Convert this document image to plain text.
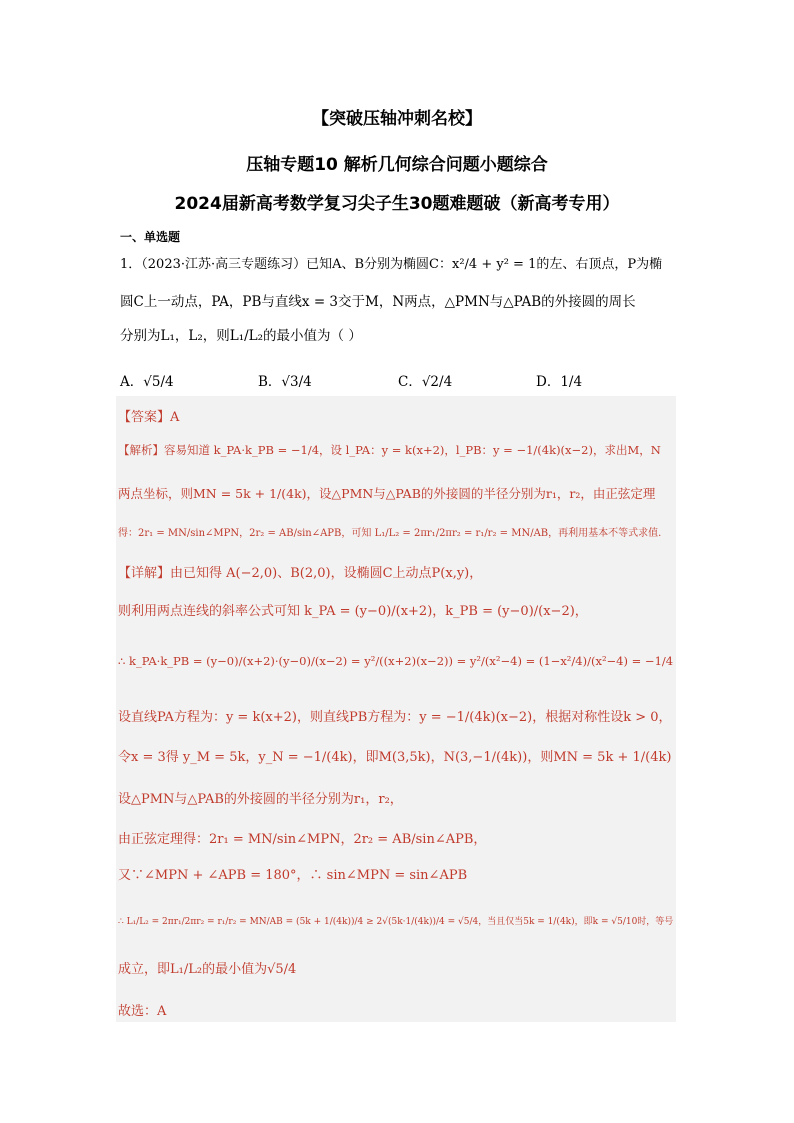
【突破压轴冲刺名校】
压轴专题10 解析几何综合问题小题综合
2024届新高考数学复习尖子生30题难题破（新高考专用）
一、单选题
1．（2023·江苏·高三专题练习）已知A、B分别为椭圆C：x²/4 + y² = 1的左、右顶点，P为椭
圆C上一动点，PA，PB与直线x = 3交于M，N两点，△PMN与△PAB的外接圆的周长
分别为L₁，L₂，则L₁/L₂的最小值为（ ）
A．√5/4	B．√3/4	C．√2/4	D．1/4
【答案】A
【解析】容易知道 k_PA·k_PB = −1/4，设 l_PA：y = k(x+2)，l_PB：y = −1/(4k)(x−2)，求出M，N
两点坐标，则MN = 5k + 1/(4k)，设△PMN与△PAB的外接圆的半径分别为r₁，r₂，由正弦定理
得：2r₁ = MN/sin∠MPN，2r₂ = AB/sin∠APB，可知 L₁/L₂ = 2πr₁/2πr₂ = r₁/r₂ = MN/AB，再利用基本不等式求值.
【详解】由已知得 A(−2,0)、B(2,0)，设椭圆C上动点P(x,y)，
则利用两点连线的斜率公式可知 k_PA = (y−0)/(x+2)，k_PB = (y−0)/(x−2)，
∴ k_PA·k_PB = (y−0)/(x+2)·(y−0)/(x−2) = y²/((x+2)(x−2)) = y²/(x²−4) = (1−x²/4)/(x²−4) = −1/4
设直线PA方程为：y = k(x+2)，则直线PB方程为：y = −1/(4k)(x−2)，根据对称性设k > 0，
令x = 3得 y_M = 5k，y_N = −1/(4k)，即M(3,5k)，N(3,−1/(4k))，则MN = 5k + 1/(4k)
设△PMN与△PAB的外接圆的半径分别为r₁，r₂，
由正弦定理得：2r₁ = MN/sin∠MPN，2r₂ = AB/sin∠APB，
又∵∠MPN + ∠APB = 180°，∴ sin∠MPN = sin∠APB
∴ L₁/L₂ = 2πr₁/2πr₂ = r₁/r₂ = MN/AB = (5k + 1/(4k))/4 ≥ 2√(5k·1/(4k))/4 = √5/4，当且仅当5k = 1/(4k)，即k = √5/10时，等号
成立，即L₁/L₂的最小值为√5/4
故选：A
